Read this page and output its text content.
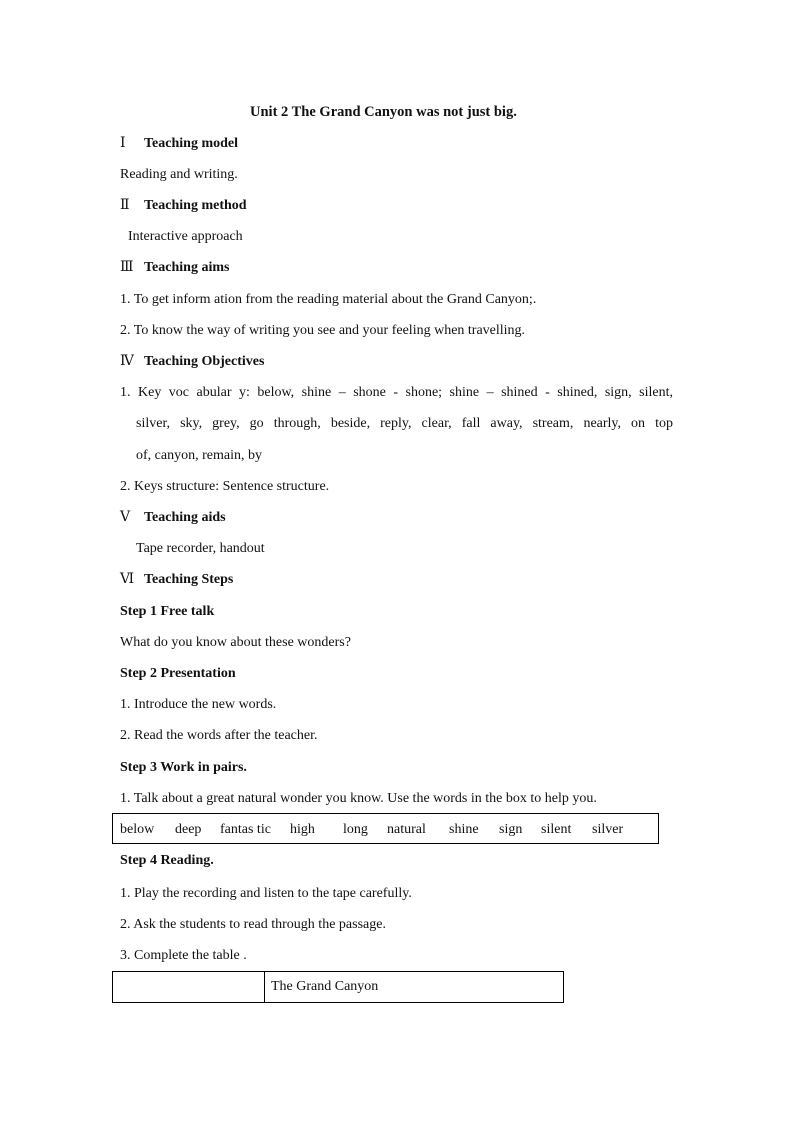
Unit 2 The Grand Canyon was not just big.
Ⅰ Teaching model
Reading and writing.
Ⅱ Teaching method
Interactive approach
Ⅲ Teaching aims
1. To get inform ation from the reading material about the Grand Canyon;.
2. To know the way of writing you see and your feeling when travelling.
Ⅳ Teaching Objectives
1. Key voc abular y: below, shine – shone - shone; shine – shined - shined, sign, silent,
silver, sky, grey, go through, beside, reply, clear, fall away, stream, nearly, on top
of, canyon, remain, by
2. Keys structure: Sentence structure.
Ⅴ Teaching aids
Tape recorder, handout
Ⅵ Teaching Steps
Step 1 Free talk
What do you know about these wonders?
Step 2 Presentation
1. Introduce the new words.
2. Read the words after the teacher.
Step 3 Work in pairs.
1. Talk about a great natural wonder you know. Use the words in the box to help you.
below deep fantas tic high long natural shine sign silent silver
Step 4 Reading.
1. Play the recording and listen to the tape carefully.
2. Ask the students to read through the passage.
3. Complete the table .
	The Grand Canyon
